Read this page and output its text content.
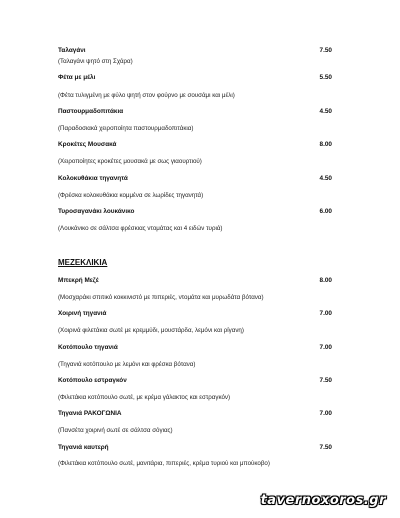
Ταλαγάνι	7.50
(Ταλαγάνι ψητό στη Σχάρα)
Φέτα με μέλι	5.50
(Φέτα τυλιγμένη με φύλο ψητή στον φούρνο με σουσάμι και μέλι)
Παστουρμαδοπιτάκια	4.50
(Παραδοσιακά χειροποίητα παστουρμαδοπιτάκια)
Κροκέτες Μουσακά	8.00
(Χειροποίητες κροκέτες μουσακά με σως γιαουρτιού)
Κολοκυθάκια τηγανητά	4.50
(Φρέσκα κολοκυθάκια κομμένα σε λωρίδες τηγανητά)
Τυροσαγανάκι λουκάνικο	6.00
(Λουκάνικο σε σάλτσα φρέσκιας ντομάτας και 4 ειδών τυριά)
ΜΕΖΕΚΛΙΚΙΑ
Μπεκρή Μεζέ	8.00
(Μοσχαράκι σπιτικό κοκκινιστό με πιπεριές, ντομάτα και μυρωδάτα βότανα)
Χοιρινή τηγανιά	7.00
(Χοιρινά φιλετάκια σωτέ με κρεμμύδι, μουστάρδα, λεμόνι και ρίγανη)
Κοτόπουλο τηγανιά	7.00
(Τηγανιά κοτόπουλο με λεμόνι και φρέσκα βότανα)
Κοτόπουλο εστραγκόν	7.50
(Φιλετάκια κοτόπουλο σωτέ, με κρέμα γάλακτος και εστραγκόν)
Τηγανιά ΡΑΚΟΓΩΝΙΑ	7.00
(Πανσέτα χοιρινή σωτέ σε σάλτσα σόγιας)
Τηγανιά καυτερή	7.50
(Φιλετάκια κοτόπουλο σωτέ, μανιτάρια, πιπεριές, κρέμα τυριού και μπούκοβο)
tavernoxoros.gr
